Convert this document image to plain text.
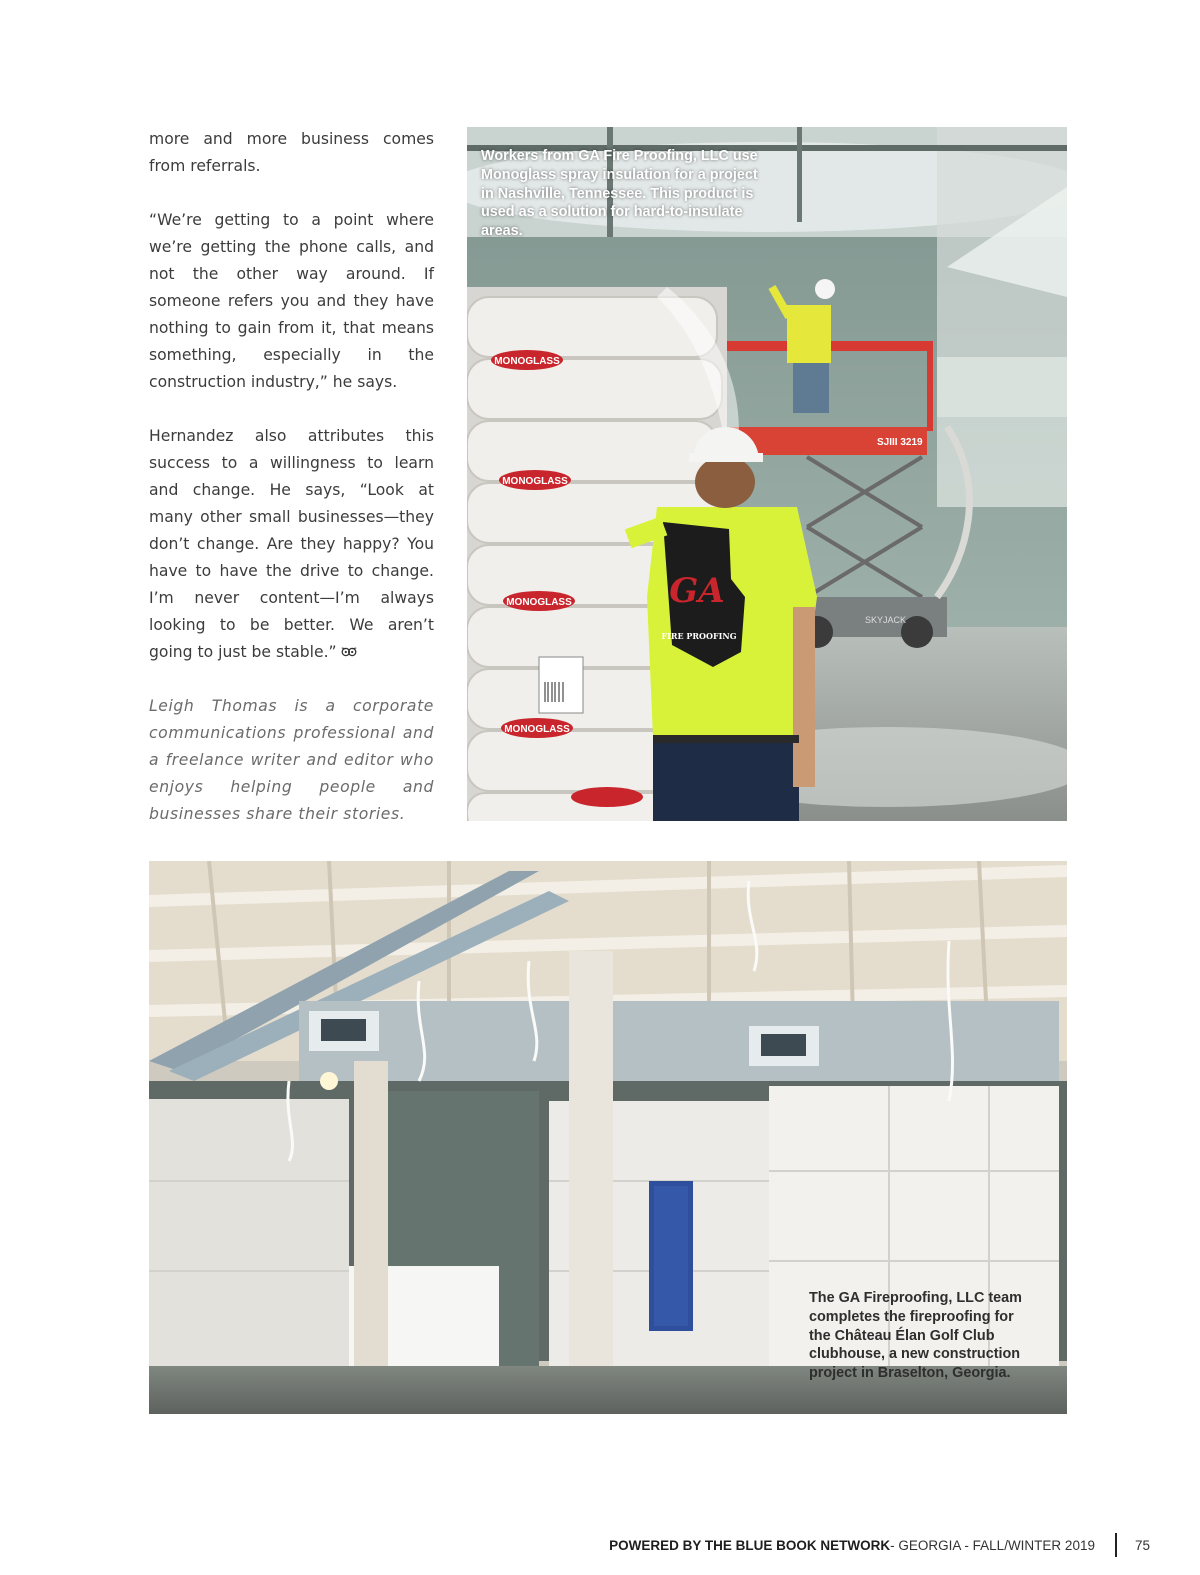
more and more business comes from referrals.

“We’re getting to a point where we’re getting the phone calls, and not the other way around. If someone refers you and they have nothing to gain from it, that means something, especially in the construction industry,” he says.

Hernandez also attributes this success to a willingness to learn and change. He says, “Look at many other small businesses—they don’t change. Are they happy? You have to have the drive to change. I’m never content—I’m always looking to be better. We aren’t going to just be stable.”

Leigh Thomas is a corporate communications professional and a freelance writer and editor who enjoys helping people and businesses share their stories.

SKYJACK
SJIII 3219
MONOGLASS
MONOGLASS
MONOGLASS
MONOGLASS
GA
FIRE PROOFING
Workers from GA Fire Proofing, LLC use Monoglass spray insulation for a project in Nashville, Tennessee. This product is used as a solution for hard-to-insulate areas.
The GA Fireproofing, LLC team completes the fireproofing for the Château Élan Golf Club clubhouse, a new construction project in Braselton, Georgia.
POWERED BY THE BLUE BOOK NETWORK - GEORGIA - FALL/WINTER 2019	75
